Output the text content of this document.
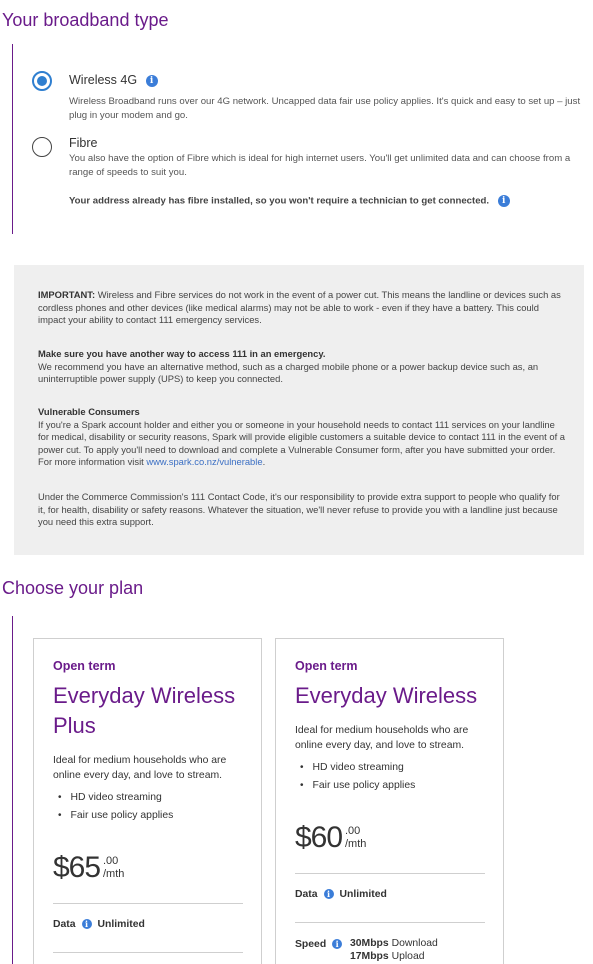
Your broadband type
Wireless 4G i

Wireless Broadband runs over our 4G network. Uncapped data fair use policy applies. It's quick and easy to set up – just plug in your modem and go.

Fibre

You also have the option of Fibre which is ideal for high internet users. You'll get unlimited data and can choose from a range of speeds to suit you.

Your address already has fibre installed, so you won't require a technician to get connected. i

IMPORTANT: Wireless and Fibre services do not work in the event of a power cut. This means the landline or devices such as cordless phones and other devices (like medical alarms) may not be able to work - even if they have a battery. This could impact your ability to contact 111 emergency services.

Make sure you have another way to access 111 in an emergency.
We recommend you have an alternative method, such as a charged mobile phone or a power backup device such as, an uninterruptible power supply (UPS) to keep you connected.

Vulnerable Consumers
If you're a Spark account holder and either you or someone in your household needs to contact 111 services on your landline for medical, disability or security reasons, Spark will provide eligible customers a suitable device to contact 111 in the event of a power cut. To apply you'll need to download and complete a Vulnerable Consumer form, after you have submitted your order. For more information visit www.spark.co.nz/vulnerable.

Under the Commerce Commission's 111 Contact Code, it's our responsibility to provide extra support to people who qualify for it, for health, disability or safety reasons. Whatever the situation, we'll never refuse to provide you with a landline just because you need this extra support.

Choose your plan
Open term
Everyday Wireless Plus

Ideal for medium households who are online every day, and love to stream.

• HD video streaming
• Fair use policy applies
$65 .00
/mth
Data i Unlimited
Open term
Everyday Wireless

Ideal for medium households who are online every day, and love to stream.

• HD video streaming
• Fair use policy applies
$60 .00
/mth
Data i Unlimited
Speed i	30Mbps Download
17Mbps Upload
